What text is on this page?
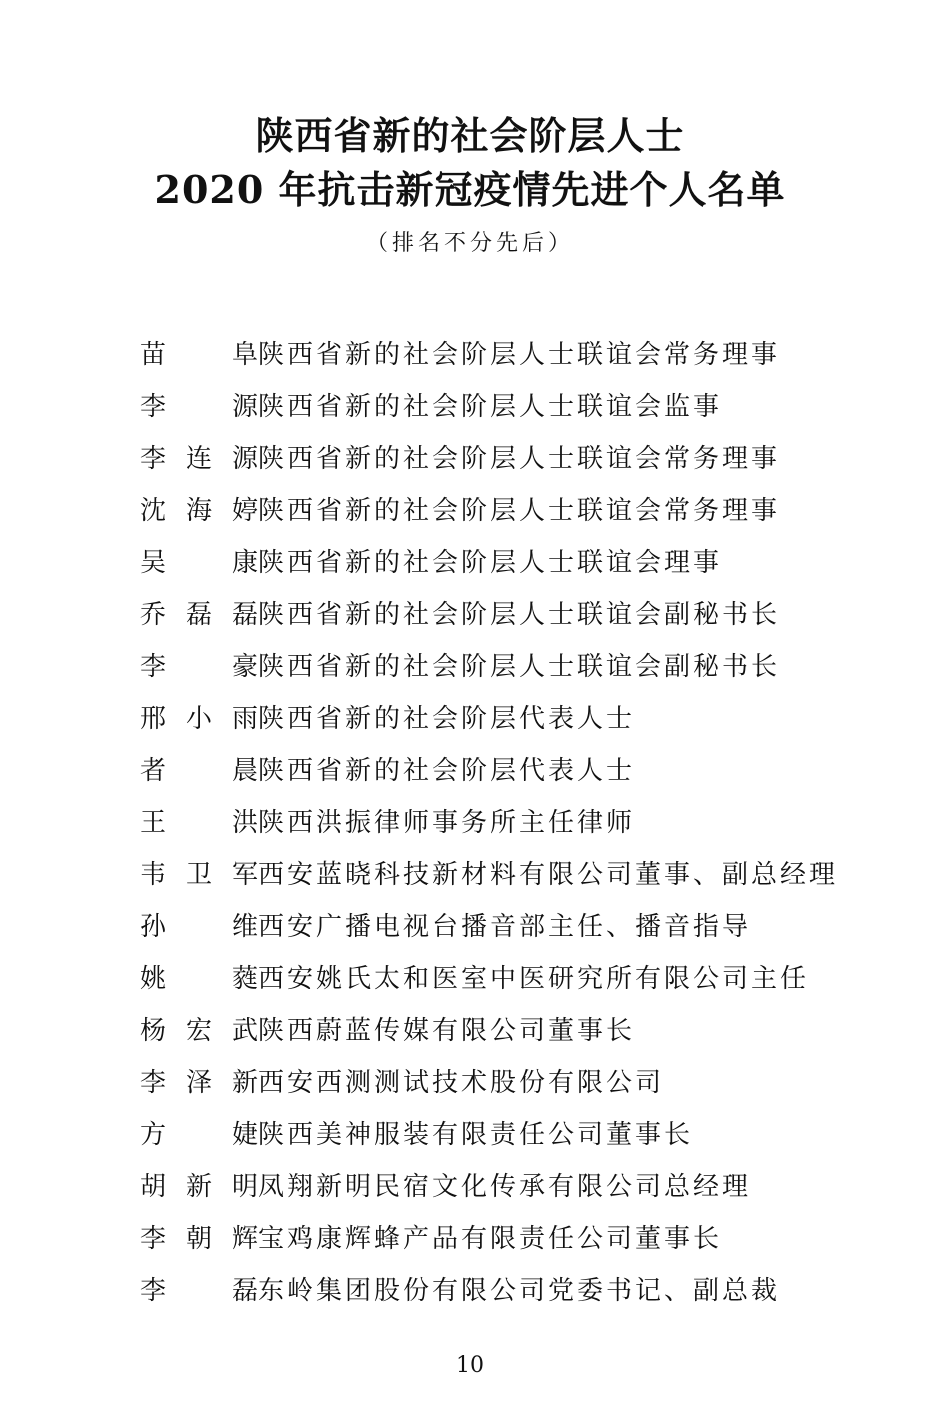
陕西省新的社会阶层人士
2020 年抗击新冠疫情先进个人名单

（排名不分先后）

苗　阜 陕西省新的社会阶层人士联谊会常务理事
李　源 陕西省新的社会阶层人士联谊会监事
李连源 陕西省新的社会阶层人士联谊会常务理事
沈海婷 陕西省新的社会阶层人士联谊会常务理事
吴　康 陕西省新的社会阶层人士联谊会理事
乔磊磊 陕西省新的社会阶层人士联谊会副秘书长
李　豪 陕西省新的社会阶层人士联谊会副秘书长
邢小雨 陕西省新的社会阶层代表人士
者　晨 陕西省新的社会阶层代表人士
王　洪 陕西洪振律师事务所主任律师
韦卫军 西安蓝晓科技新材料有限公司董事、副总经理
孙　维 西安广播电视台播音部主任、播音指导
姚　蕤 西安姚氏太和医室中医研究所有限公司主任
杨宏武 陕西蔚蓝传媒有限公司董事长
李泽新 西安西测测试技术股份有限公司
方　婕 陕西美神服装有限责任公司董事长
胡新明 凤翔新明民宿文化传承有限公司总经理
李朝辉 宝鸡康辉蜂产品有限责任公司董事长
李　磊 东岭集团股份有限公司党委书记、副总裁

10
